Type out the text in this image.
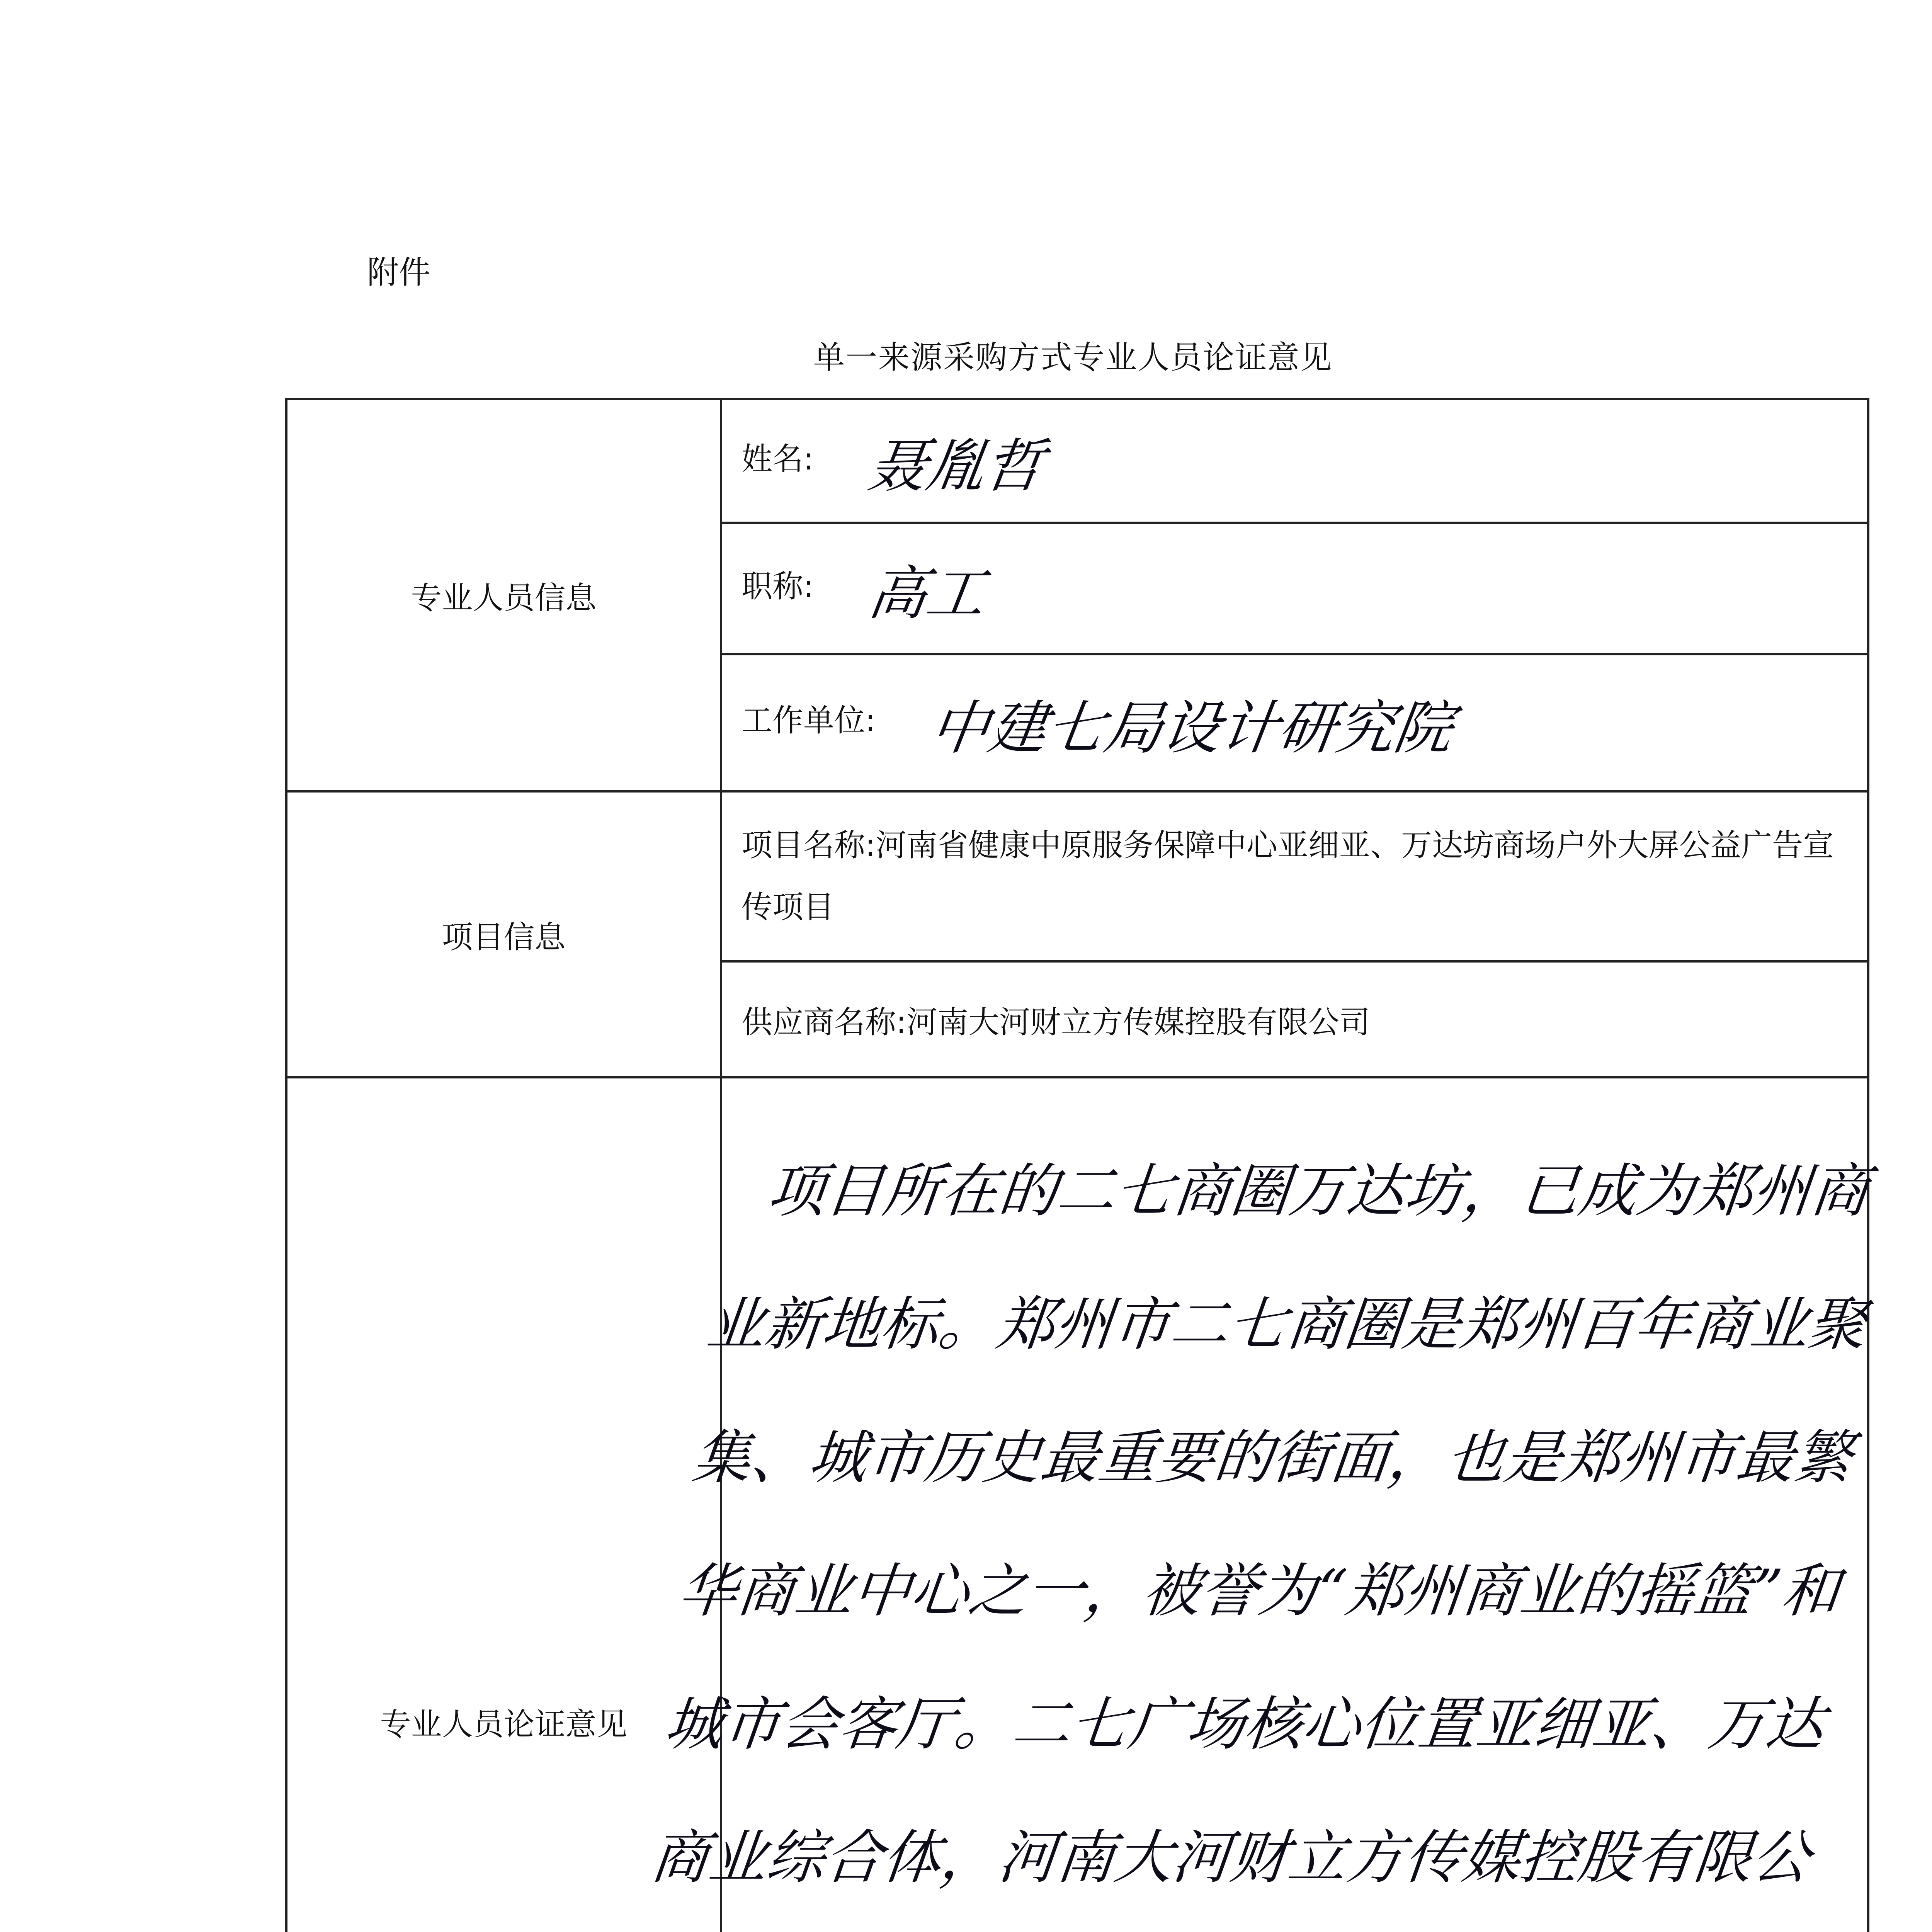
附件
单一来源采购方式专业人员论证意见
专业人员信息	姓名: 聂胤哲	
	职称: 高工	
	工作单位: 中建七局设计研究院	
项目信息	项目名称:河南省健康中原服务保障中心亚细亚、万达坊商场户外大屏公益广告宣传项目	
	供应商名称:河南大河财立方传媒控股有限公司	
专业人员论证意见	项目所在的二七商圈万达坊，已成为郑州商业新地标。郑州市二七商圈是郑州百年商业聚集、城市历史最重要的街面，也是郑州市最繁华商业中心之一，被誉为“郑州商业的摇篮”和城市会客厅。二七广场核心位置亚细亚、万达商业综合体，河南大河财立方传媒控股有限公司有大屏广告独家运营经营权。具有唯一性，建议采用单一来源方式采购。	
